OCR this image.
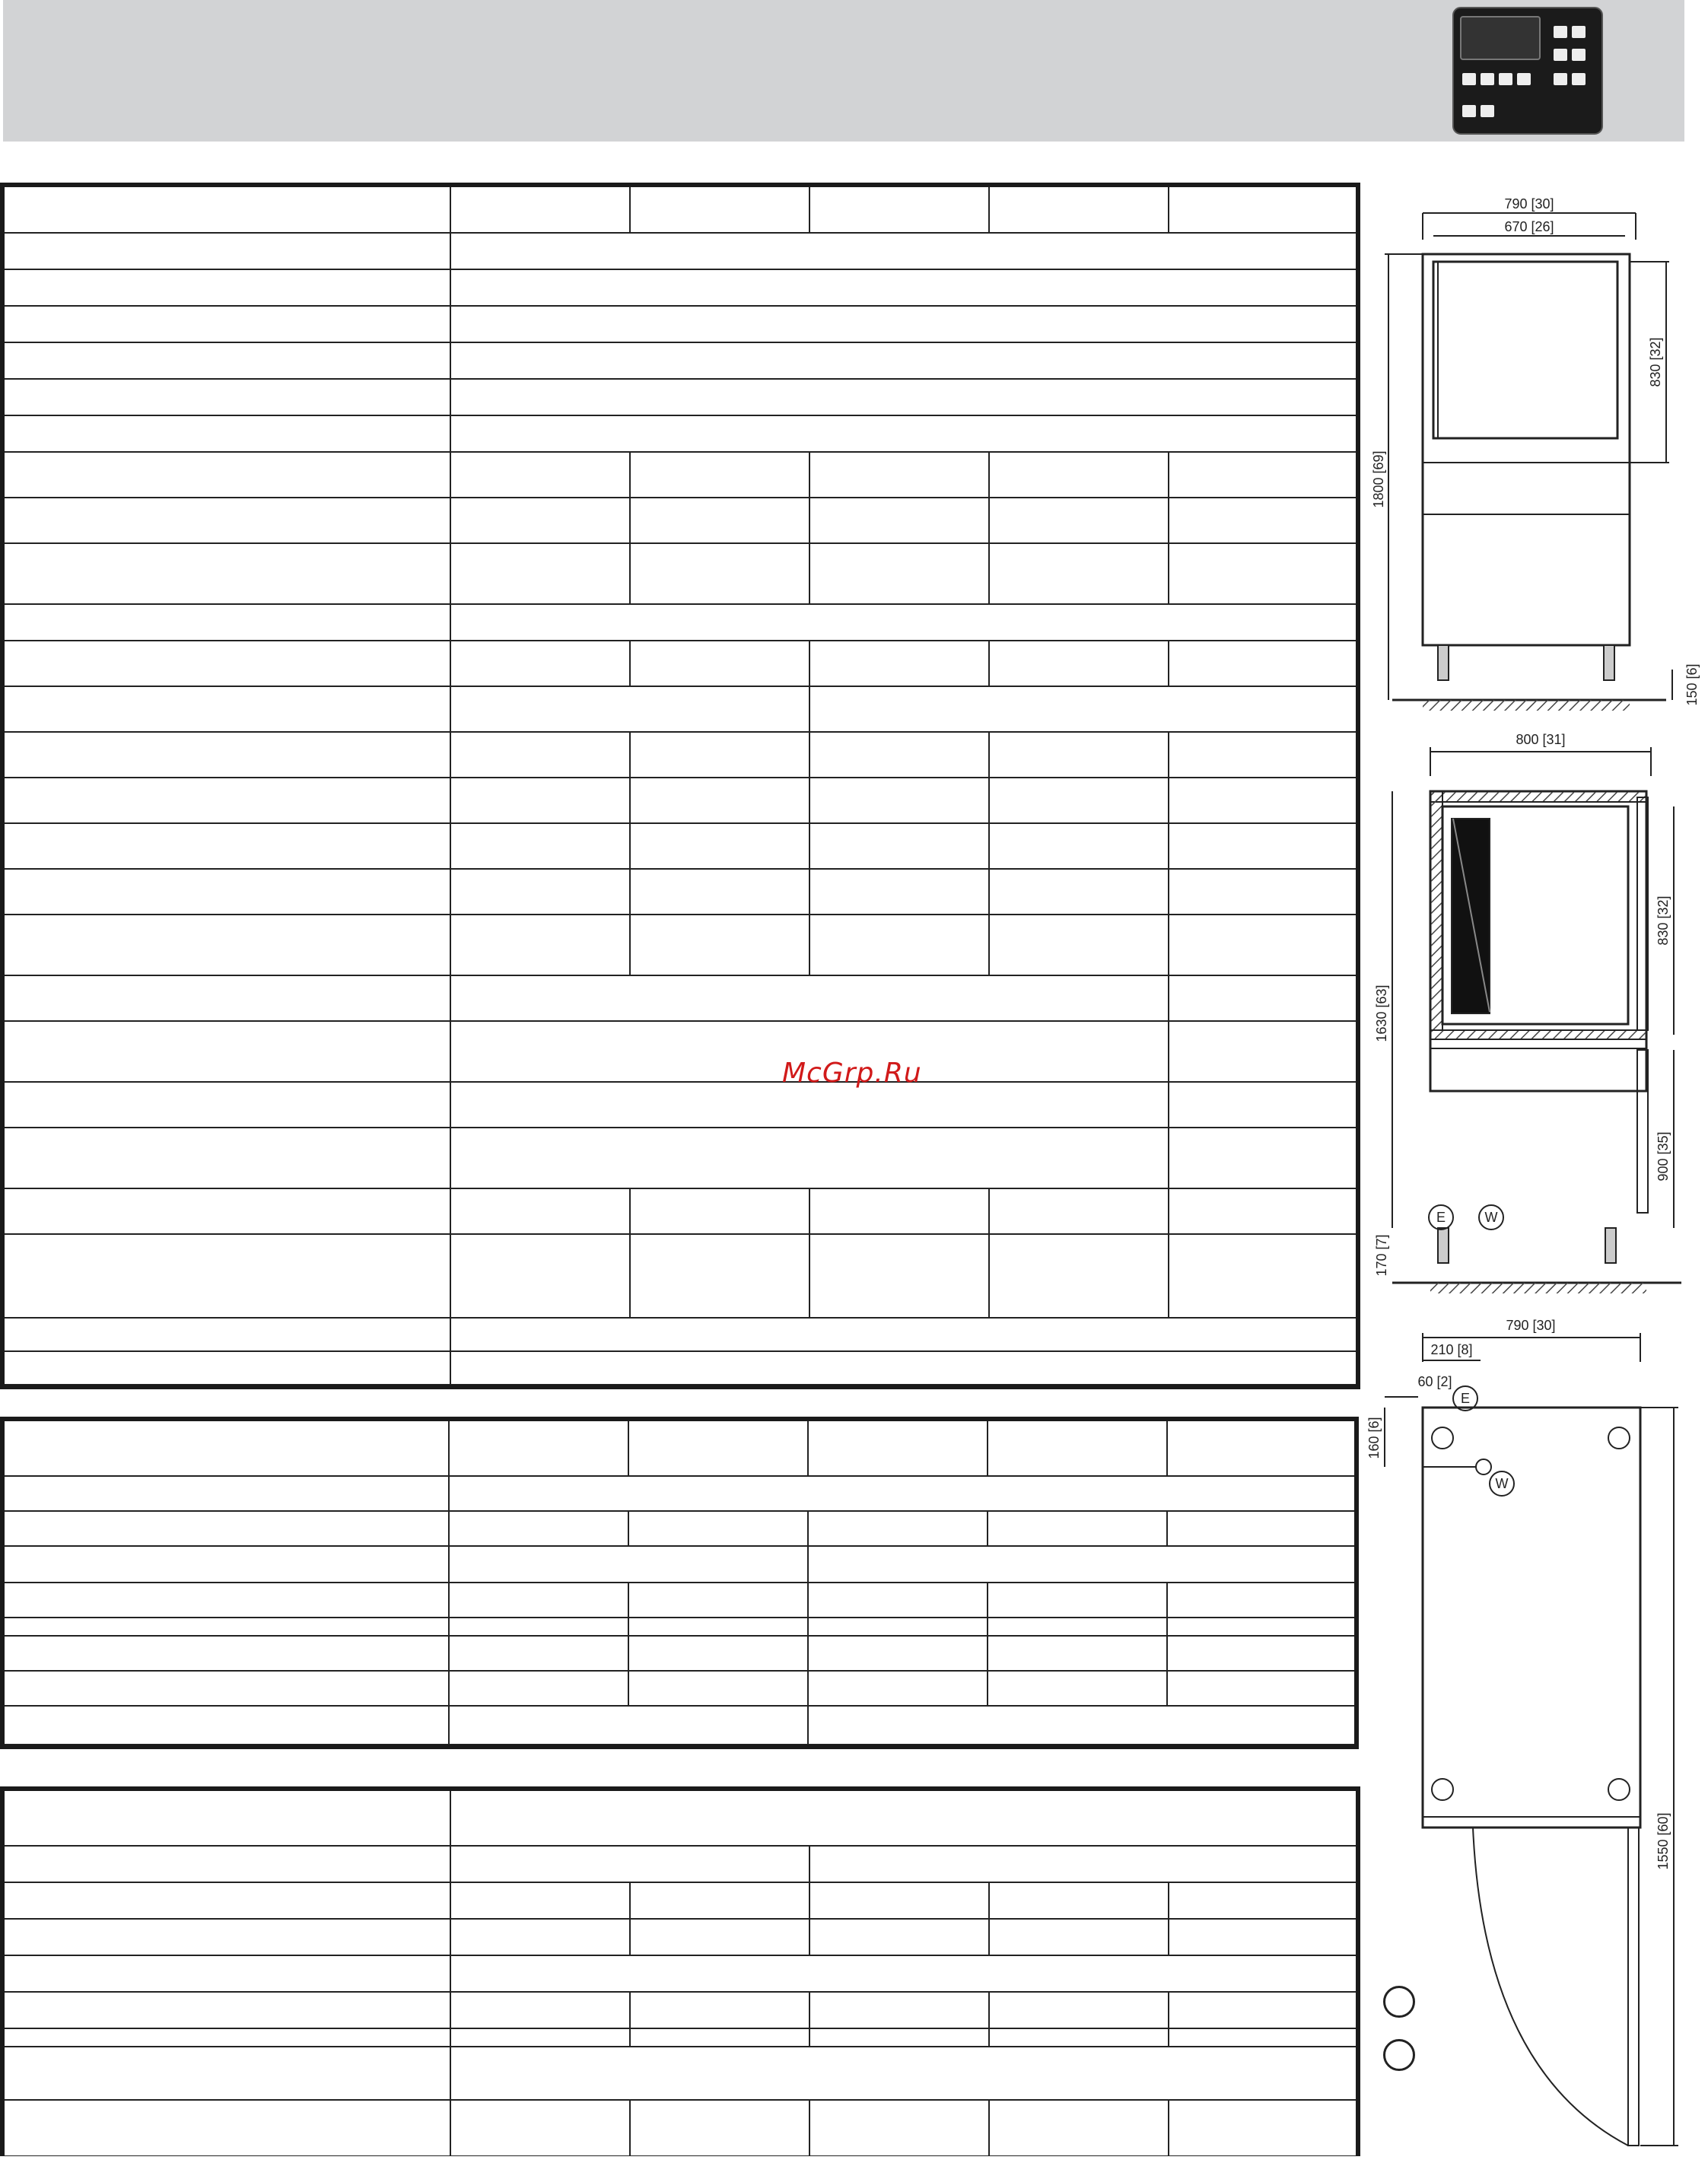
McGrp.Ru
790 [30]
670 [26]
1800 [69]
830 [32]
150 [6]
800 [31]
1630 [63]
830 [32]
900 [35]
170 [7]
E	W
790 [30]
210 [8]
60 [2]
160 [6]
1550 [60]
E
W
